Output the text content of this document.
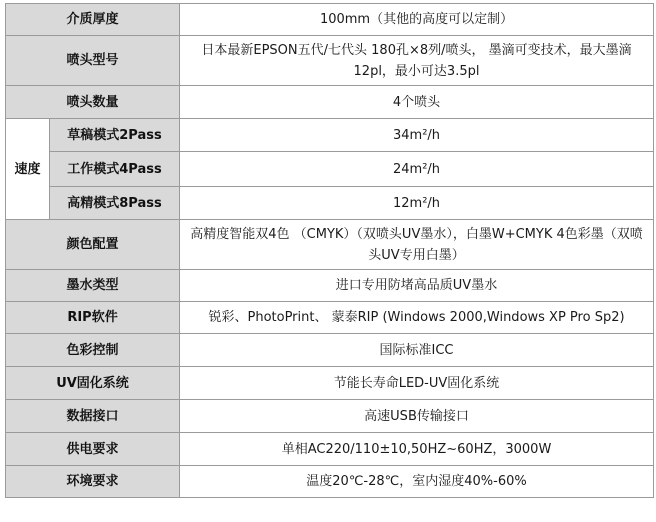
介质厚度		100mm（其他的高度可以定制）
喷头型号		日本最新EPSON五代/七代头 180孔×8列/喷头， 墨滴可变技术，最大墨滴12pl，最小可达3.5pl
喷头数量		4个喷头
速度	草稿模式2Pass	34m²/h
	工作模式4Pass	24m²/h
	高精模式8Pass	12m²/h
颜色配置		高精度智能双4色 （CMYK）（双喷头UV墨水），白墨W+CMYK 4色彩墨（双喷头UV专用白墨）
墨水类型		进口专用防堵高品质UV墨水
RIP软件		锐彩、PhotoPrint、 蒙泰RIP (Windows 2000,Windows XP Pro Sp2)
色彩控制		国际标准ICC
UV固化系统		节能长寿命LED-UV固化系统
数据接口		高速USB传输接口
供电要求		单相AC220/110±10,50HZ~60HZ，3000W
环境要求		温度20℃-28℃，室内湿度40%-60%
